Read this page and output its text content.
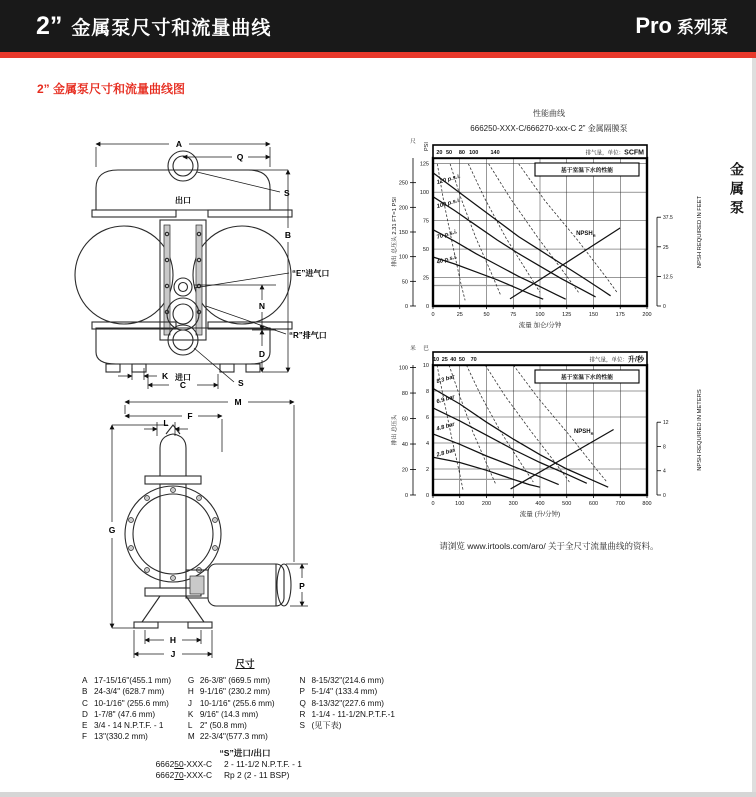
2” 金属泵尺寸和流量曲线	Pro 系列泵
2” 金属泵尺寸和流量曲线图
金属泵
A
Q
S
出口
B
“E”进气口
N
“R”排气口
D
K 进口
C	S
M
F
L
G
H
J
P
性能曲线
666250-XXX-C/666270-xxx-C 2” 金属隔膜泵
120 p.s.i.
100 p.s.i.
70 p.s.i.
40 p.s.i.
$NPSH_R$
基于室温下水的性能
20 50 80 100 140	排气量，单位：SCFM
0	25	50	75	100	125	150	175	200
流量 加仑/分钟
0
25
50
75
100
125
PSI
尺
0
50
100
150
200
250
排出 总压头 2.31 FT=1 PSI
0
12.5
25
37.5	NPSH REQUIRED IN FEET

8.3 bar
6.9 bar
4.8 bar
2.8 bar
$NPSH_R$
基于室温下水的性能
10 25 40 50 70	排气量，单位：升/秒
0	100	200	300	400	500	600	700	800
流量 (升/分钟)
0
2
4
6
8
10
巴
米
0
20
40
60
80
100
排出 总压头
0
4
8
12	NPSH REQUIRED IN METERS
请浏览 www.irtools.com/aro/ 关于全尺寸流量曲线的资料。
尺寸
A 17-15/16"(455.1 mm)
B 24-3/4" (628.7 mm)
C 10-1/16" (255.6 mm)
D 1-7/8" (47.6 mm)
E 3/4 - 14 N.P.T.F. - 1
F 13"(330.2 mm)
G 26-3/8" (669.5 mm)
H 9-1/16" (230.2 mm)
J 10-1/16" (255.6 mm)
K 9/16" (14.3 mm)
L 2" (50.8 mm)
M 22-3/4"(577.3 mm)
N 8-15/32"(214.6 mm)
P 5-1/4" (133.4 mm)
Q 8-13/32"(227.6 mm)
R 1-1/4 - 11-1/2N.P.T.F.-1
S (见下表)
“S”进口/出口
666250-XXX-C 2 - 11-1/2 N.P.T.F. - 1
666270-XXX-C Rp 2 (2 - 11 BSP)
